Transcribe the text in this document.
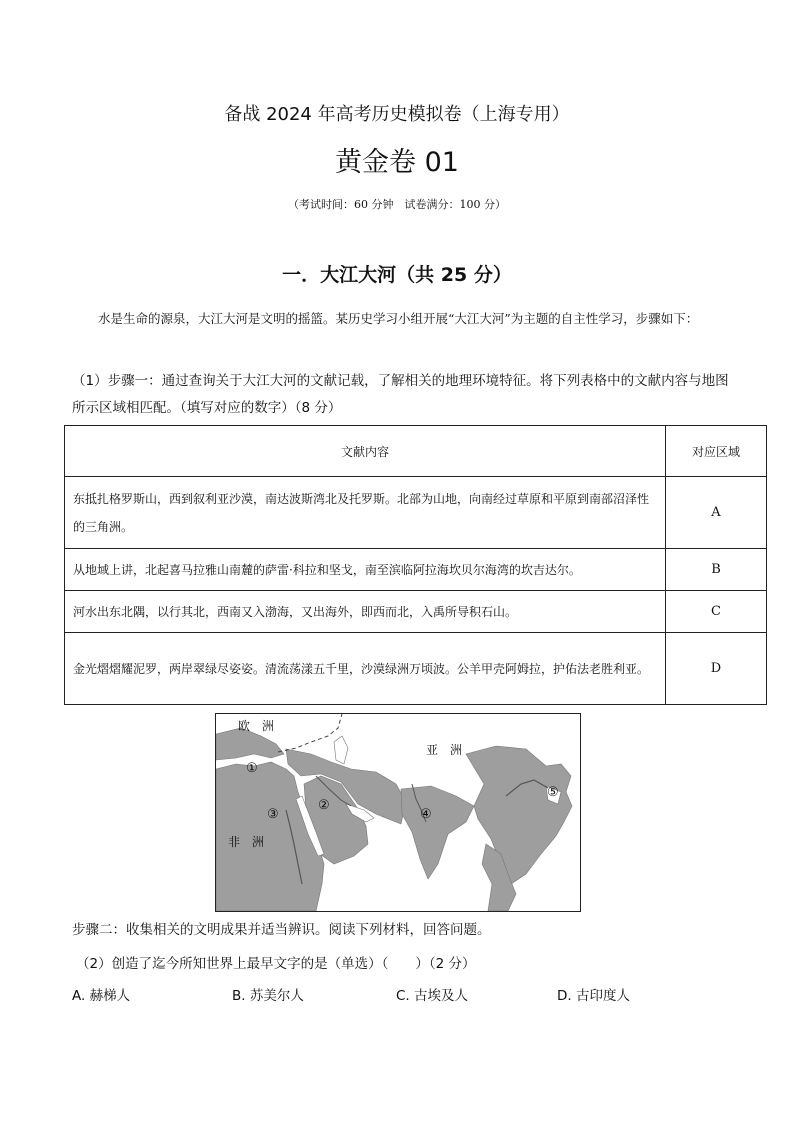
备战 2024 年高考历史模拟卷（上海专用）
黄金卷 01
（考试时间：60 分钟　试卷满分：100 分）
一．大江大河（共 25 分）
水是生命的源泉，大江大河是文明的摇篮。某历史学习小组开展“大江大河”为主题的自主性学习，步骤如下：
（1）步骤一：通过查询关于大江大河的文献记载，了解相关的地理环境特征。将下列表格中的文献内容与地图所示区域相匹配。（填写对应的数字）（8 分）
文献内容	对应区域
东抵扎格罗斯山，西到叙利亚沙漠，南达波斯湾北及托罗斯。北部为山地，向南经过草原和平原到南部沼泽性的三角洲。	A
从地域上讲，北起喜马拉雅山南麓的萨雷·科拉和坚戈，南至滨临阿拉海坎贝尔海湾的坎吉达尔。	B
河水出东北隅，以行其北，西南又入渤海，又出海外，即西而北，入禹所导积石山。	C
金光熠熠耀泥罗，两岸翠绿尽姿姿。清流荡漾五千里，沙漠绿洲万顷波。公羊甲壳阿姆拉，护佑法老胜利亚。	D
欧　洲
亚　洲
非　洲
①
②
③	④
⑤
步骤二：收集相关的文明成果并适当辨识。阅读下列材料，回答问题。
（2）创造了迄今所知世界上最早文字的是（单选）（　　）（2 分）
A. 赫梯人	B. 苏美尔人	C. 古埃及人	D. 古印度人
